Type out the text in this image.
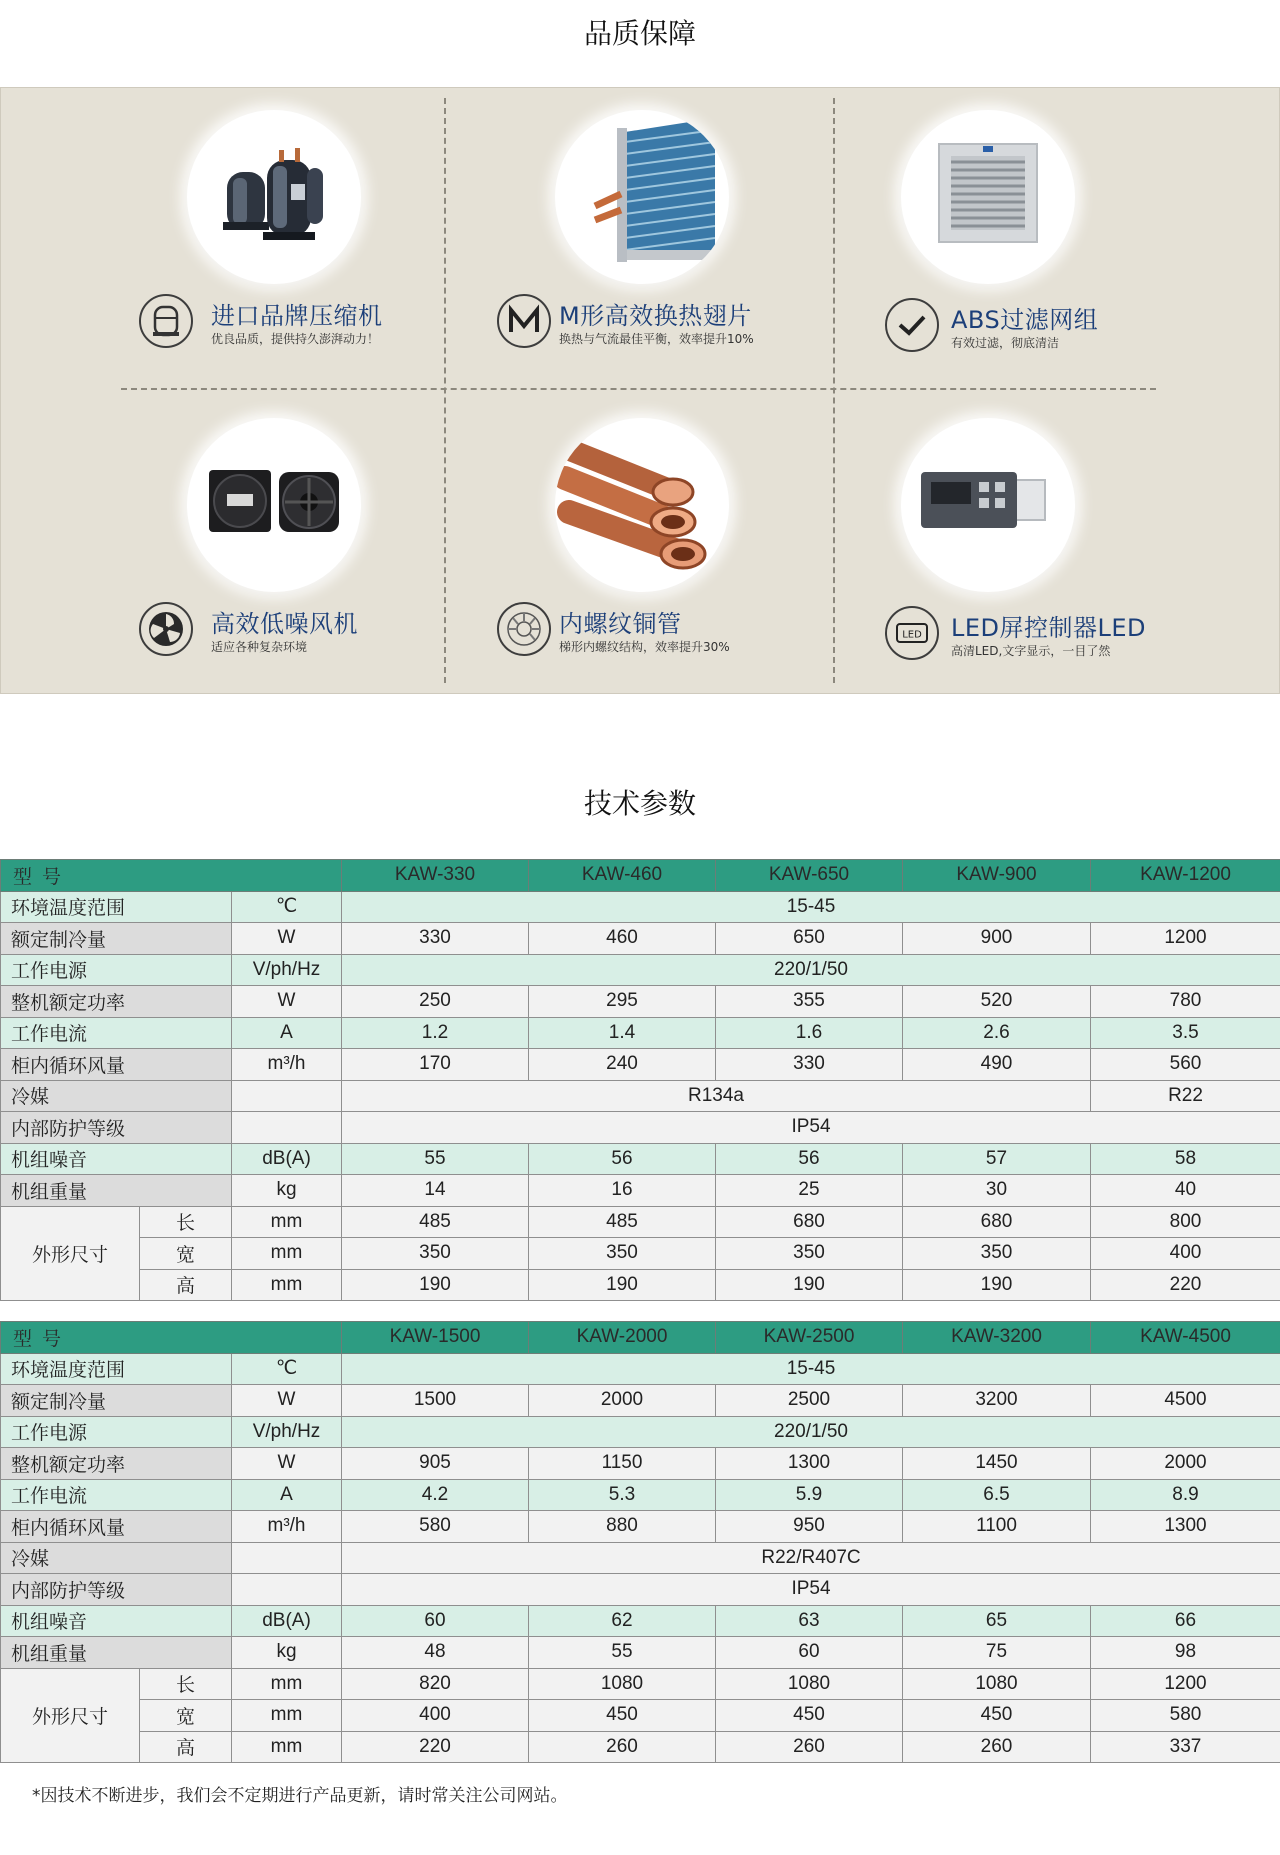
品质保障
进口品牌压缩机
优良品质，提供持久澎湃动力！
M形高效换热翅片
换热与气流最佳平衡，效率提升10%
ABS过滤网组
有效过滤，彻底清洁
高效低噪风机
适应各种复杂环境
内螺纹铜管
梯形内螺纹结构，效率提升30%
LED LED屏控制器LED
高清LED,文字显示，一目了然
技术参数
型号			KAW-330	KAW-460	KAW-650	KAW-900	KAW-1200
环境温度范围		℃	15-45				
额定制冷量		W	330	460	650	900	1200
工作电源		V/ph/Hz	220/1/50				
整机额定功率		W	250	295	355	520	780
工作电流		A	1.2	1.4	1.6	2.6	3.5
柜内循环风量		m³/h	170	240	330	490	560
冷媒			R134a				R22
内部防护等级			IP54				
机组噪音		dB(A)	55	56	56	57	58
机组重量		kg	14	16	25	30	40
外形尺寸	长	mm	485	485	680	680	800
	宽	mm	350	350	350	350	400
	高	mm	190	190	190	190	220
型号			KAW-1500	KAW-2000	KAW-2500	KAW-3200	KAW-4500
环境温度范围		℃	15-45				
额定制冷量		W	1500	2000	2500	3200	4500
工作电源		V/ph/Hz	220/1/50				
整机额定功率		W	905	1150	1300	1450	2000
工作电流		A	4.2	5.3	5.9	6.5	8.9
柜内循环风量		m³/h	580	880	950	1100	1300
冷媒			R22/R407C				
内部防护等级			IP54				
机组噪音		dB(A)	60	62	63	65	66
机组重量		kg	48	55	60	75	98
外形尺寸	长	mm	820	1080	1080	1080	1200
	宽	mm	400	450	450	450	580
	高	mm	220	260	260	260	337
*因技术不断进步，我们会不定期进行产品更新，请时常关注公司网站。
